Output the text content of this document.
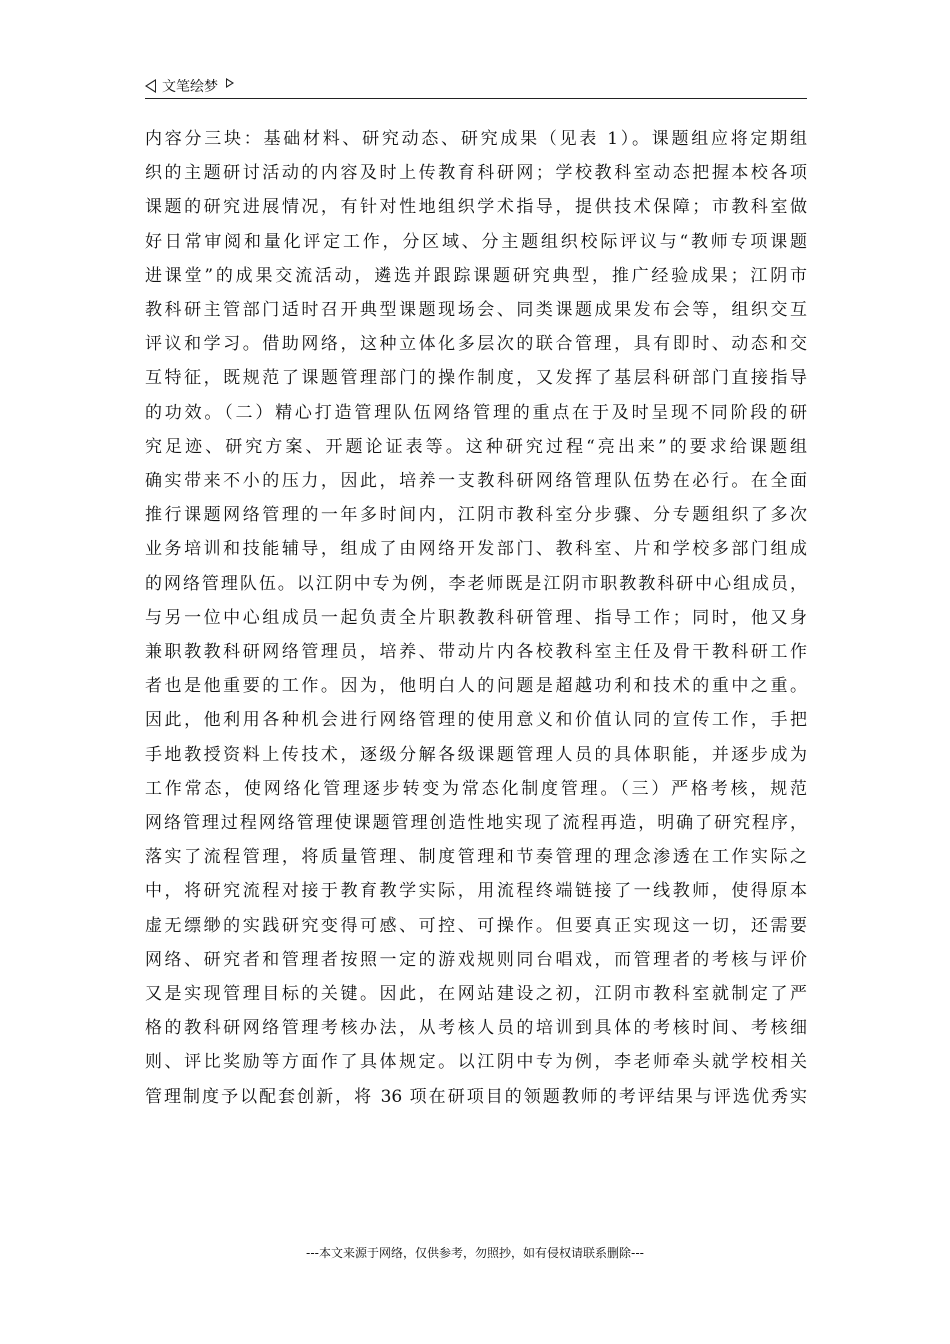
文笔绘梦
内容分三块：基础材料、研究动态、研究成果（见表 1）。课题组应将定期组
织的主题研讨活动的内容及时上传教育科研网；学校教科室动态把握本校各项
课题的研究进展情况，有针对性地组织学术指导，提供技术保障；市教科室做
好日常审阅和量化评定工作，分区域、分主题组织校际评议与“教师专项课题
进课堂”的成果交流活动，遴选并跟踪课题研究典型，推广经验成果；江阴市
教科研主管部门适时召开典型课题现场会、同类课题成果发布会等，组织交互
评议和学习。借助网络，这种立体化多层次的联合管理，具有即时、动态和交
互特征，既规范了课题管理部门的操作制度，又发挥了基层科研部门直接指导
的功效。（二）精心打造管理队伍网络管理的重点在于及时呈现不同阶段的研
究足迹、研究方案、开题论证表等。这种研究过程“亮出来”的要求给课题组
确实带来不小的压力，因此，培养一支教科研网络管理队伍势在必行。在全面
推行课题网络管理的一年多时间内，江阴市教科室分步骤、分专题组织了多次
业务培训和技能辅导，组成了由网络开发部门、教科室、片和学校多部门组成
的网络管理队伍。以江阴中专为例，李老师既是江阴市职教教科研中心组成员，
与另一位中心组成员一起负责全片职教教科研管理、指导工作；同时，他又身
兼职教教科研网络管理员，培养、带动片内各校教科室主任及骨干教科研工作
者也是他重要的工作。因为，他明白人的问题是超越功利和技术的重中之重。
因此，他利用各种机会进行网络管理的使用意义和价值认同的宣传工作，手把
手地教授资料上传技术，逐级分解各级课题管理人员的具体职能，并逐步成为
工作常态，使网络化管理逐步转变为常态化制度管理。（三）严格考核，规范
网络管理过程网络管理使课题管理创造性地实现了流程再造，明确了研究程序，
落实了流程管理，将质量管理、制度管理和节奏管理的理念渗透在工作实际之
中，将研究流程对接于教育教学实际，用流程终端链接了一线教师，使得原本
虚无缥缈的实践研究变得可感、可控、可操作。但要真正实现这一切，还需要
网络、研究者和管理者按照一定的游戏规则同台唱戏，而管理者的考核与评价
又是实现管理目标的关键。因此，在网站建设之初，江阴市教科室就制定了严
格的教科研网络管理考核办法，从考核人员的培训到具体的考核时间、考核细
则、评比奖励等方面作了具体规定。以江阴中专为例，李老师牵头就学校相关
管理制度予以配套创新，将 36 项在研项目的领题教师的考评结果与评选优秀实
---本文来源于网络，仅供参考，勿照抄，如有侵权请联系删除---
